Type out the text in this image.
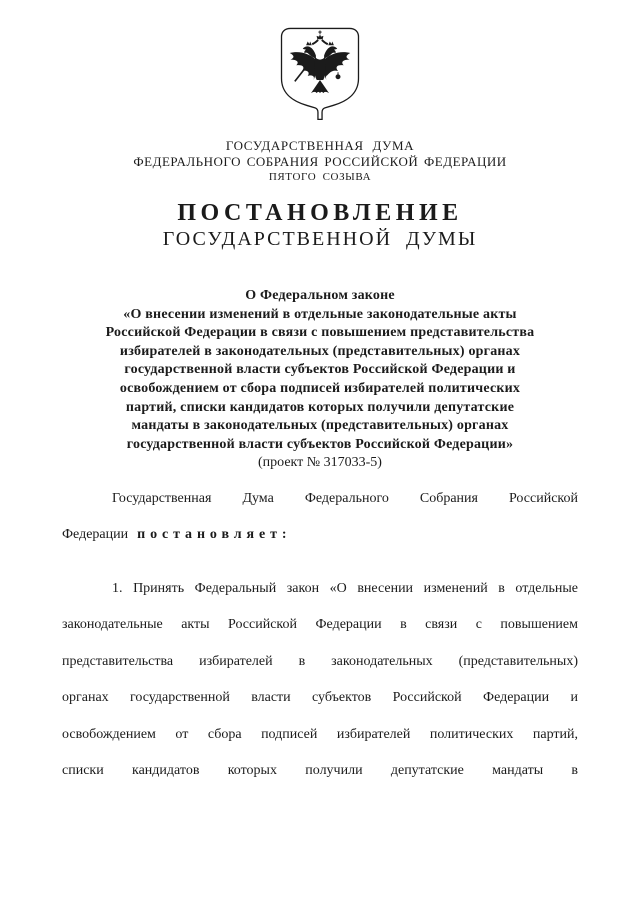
ГОСУДАРСТВЕННАЯ ДУМА
ФЕДЕРАЛЬНОГО СОБРАНИЯ РОССИЙСКОЙ ФЕДЕРАЦИИ
ПЯТОГО СОЗЫВА
ПОСТАНОВЛЕНИЕ
ГОСУДАРСТВЕННОЙ ДУМЫ
О Федеральном законе
«О внесении изменений в отдельные законодательные акты
Российской Федерации в связи с повышением представительства
избирателей в законодательных (представительных) органах
государственной власти субъектов Российской Федерации и
освобождением от сбора подписей избирателей политических
партий, списки кандидатов которых получили депутатские
мандаты в законодательных (представительных) органах
государственной власти субъектов Российской Федерации»
(проект № 317033-5)
Государственная Дума Федерального Собрания Российской
Федерации постановляет:
1. Принять Федеральный закон «О внесении изменений в отдельные
законодательные акты Российской Федерации в связи с повышением
представительства избирателей в законодательных (представительных)
органах государственной власти субъектов Российской Федерации и
освобождением от сбора подписей избирателей политических партий,
списки кандидатов которых получили депутатские мандаты в
